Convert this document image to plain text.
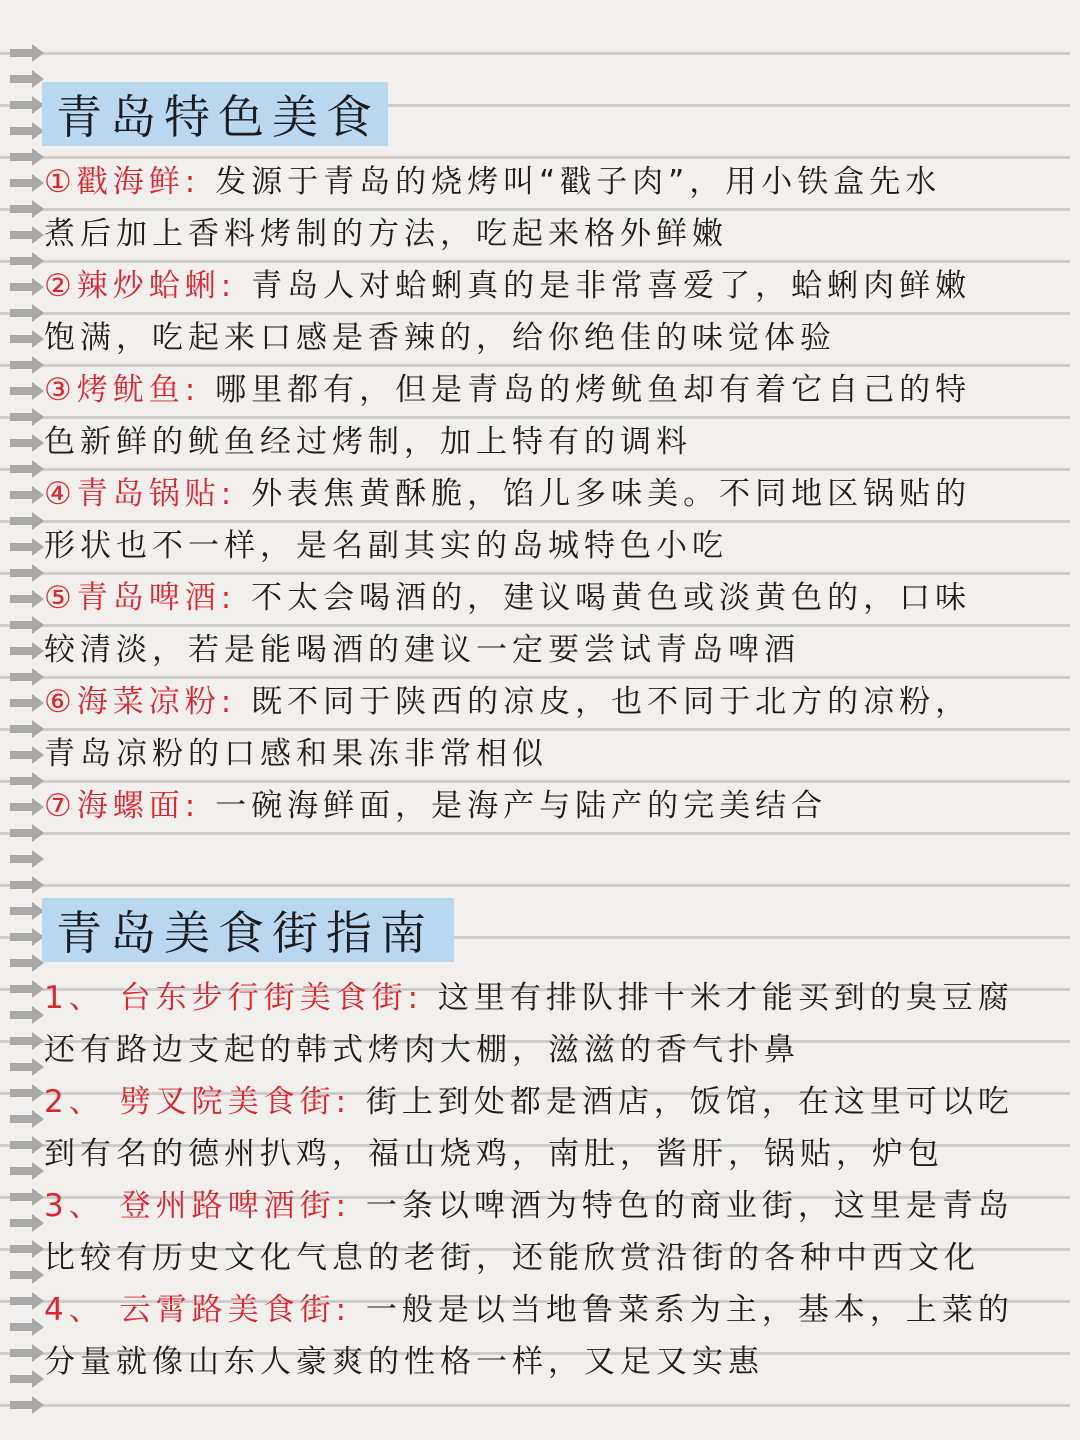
青岛特色美食
①戳海鲜: 发源于青岛的烧烤叫“戳子肉”，用小铁盒先水
煮后加上香料烤制的方法，吃起来格外鲜嫩
②辣炒蛤蜊: 青岛人对蛤蜊真的是非常喜爱了，蛤蜊肉鲜嫩
饱满，吃起来口感是香辣的，给你绝佳的味觉体验
③烤鱿鱼: 哪里都有，但是青岛的烤鱿鱼却有着它自己的特
色新鲜的鱿鱼经过烤制，加上特有的调料
④青岛锅贴: 外表焦黄酥脆，馅儿多味美。不同地区锅贴的
形状也不一样，是名副其实的岛城特色小吃
⑤青岛啤酒: 不太会喝酒的，建议喝黄色或淡黄色的，口味
较清淡，若是能喝酒的建议一定要尝试青岛啤酒
⑥海菜凉粉: 既不同于陕西的凉皮，也不同于北方的凉粉，
青岛凉粉的口感和果冻非常相似
⑦海螺面: 一碗海鲜面，是海产与陆产的完美结合
青岛美食街指南
1、 台东步行街美食街: 这里有排队排十米才能买到的臭豆腐
还有路边支起的韩式烤肉大棚，滋滋的香气扑鼻
2、 劈叉院美食街: 街上到处都是酒店，饭馆，在这里可以吃
到有名的德州扒鸡，福山烧鸡，南肚，酱肝，锅贴，炉包
3、 登州路啤酒街: 一条以啤酒为特色的商业街，这里是青岛
比较有历史文化气息的老街，还能欣赏沿街的各种中西文化
4、 云霄路美食街: 一般是以当地鲁菜系为主，基本，上菜的
分量就像山东人豪爽的性格一样，又足又实惠
